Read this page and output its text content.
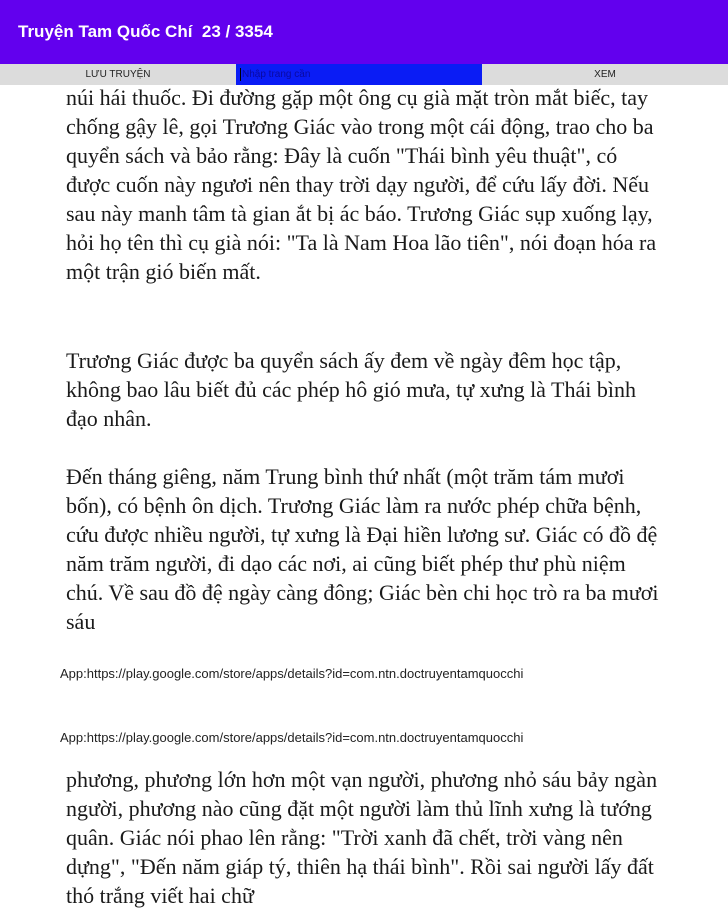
Truyện Tam Quốc Chí  23 / 3354
LƯU TRUYỆN	Nhập trang cần	XEM

núi hái thuốc. Đi đường gặp một ông cụ già mặt tròn mắt biếc, tay chống gậy lê, gọi Trương Giác vào trong một cái động, trao cho ba quyển sách và bảo rằng: Đây là cuốn "Thái bình yêu thuật", có được cuốn này ngươi nên thay trời dạy người, để cứu lấy đời. Nếu sau này manh tâm tà gian ắt bị ác báo. Trương Giác sụp xuống lạy, hỏi họ tên thì cụ già nói: "Ta là Nam Hoa lão tiên", nói đoạn hóa ra một trận gió biến mất.

Trương Giác được ba quyển sách ấy đem về ngày đêm học tập, không bao lâu biết đủ các phép hô gió mưa, tự xưng là Thái bình đạo nhân.

Đến tháng giêng, năm Trung bình thứ nhất (một trăm tám mươi bốn), có bệnh ôn dịch. Trương Giác làm ra nước phép chữa bệnh, cứu được nhiều người, tự xưng là Đại hiền lương sư. Giác có đồ đệ năm trăm người, đi dạo các nơi, ai cũng biết phép thư phù niệm chú. Về sau đồ đệ ngày càng đông; Giác bèn chi học trò ra ba mươi sáu

App:https://play.google.com/store/apps/details?id=com.ntn.doctruyentamquocchi
App:https://play.google.com/store/apps/details?id=com.ntn.doctruyentamquocchi

phương, phương lớn hơn một vạn người, phương nhỏ sáu bảy ngàn người, phương nào cũng đặt một người làm thủ lĩnh xưng là tướng quân. Giác nói phao lên rằng: "Trời xanh đã chết, trời vàng nên dựng", "Đến năm giáp tý, thiên hạ thái bình". Rồi sai người lấy đất thó trắng viết hai chữ
